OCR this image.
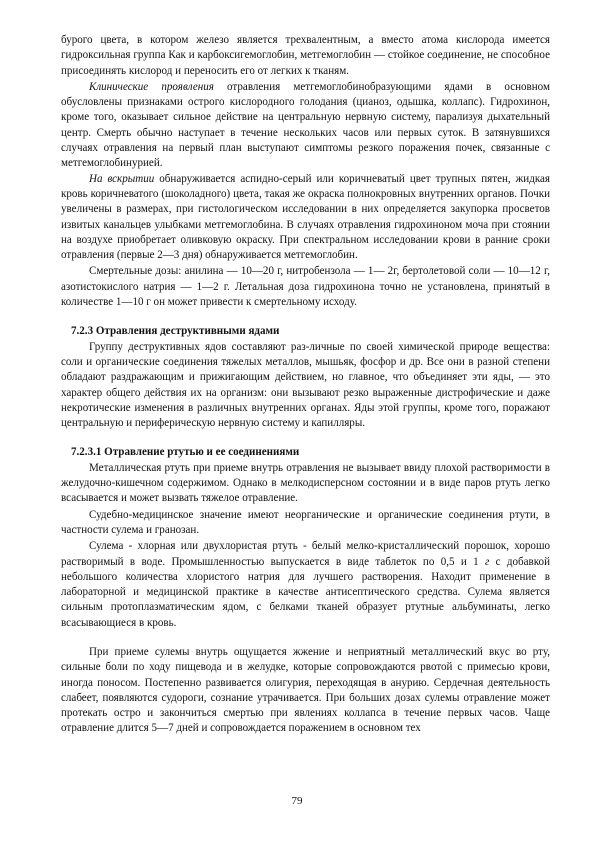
бурого цвета, в котором железо является трехвалентным, а вместо атома кислорода имеется гидроксильная группа Как и карбоксигемоглобин, метгемоглобин — стойкое соединение, не способное присоединять кислород и переносить его от легких к тканям.

Клинические проявления отравления метгемоглобинобразующими ядами в основном обусловлены признаками острого кислородного голодания (цианоз, одышка, коллапс). Гидрохинон, кроме того, оказывает сильное действие на центральную нервную систему, парализуя дыхательный центр. Смерть обычно наступает в течение нескольких часов или первых суток. В затянувшихся случаях отравления на первый план выступают симптомы резкого поражения почек, связанные с метгемоглобинурией.

На вскрытии обнаруживается аспидно-серый или коричневатый цвет трупных пятен, жидкая кровь коричневатого (шоколадного) цвета, такая же окраска полнокровных внутренних органов. Почки увеличены в размерах, при гистологическом исследовании в них определяется закупорка просветов извитых канальцев улыбками метгемоглобина. В случаях отравления гидрохиноном моча при стоянии на воздухе приобретает оливковую окраску. При спектральном исследовании крови в ранние сроки отравления (первые 2—3 дня) обнаруживается метгемоглобин.

Смертельные дозы: анилина — 10—20 г, нитробензола — 1— 2г, бертолетовой соли — 10—12 г, азотистокислого натрия — 1—2 г. Летальная доза гидрохинона точно не установлена, принятый в количестве 1—10 г он может привести к смертельному исходу.

7.2.3 Отравления деструктивными ядами

Группу деструктивных ядов составляют раз-личные по своей химической природе вещества: соли и органические соединения тяжелых металлов, мышьяк, фосфор и др. Все они в разной степени обладают раздражающим и прижигающим действием, но главное, что объединяет эти яды, — это характер общего действия их на организм: они вызывают резко выраженные дистрофические и даже некротические изменения в различных внутренних органах. Яды этой группы, кроме того, поражают центральную и периферическую нервную систему и капилляры.

7.2.3.1 Отравление ртутью и ее соединениями

Металлическая ртуть при приеме внутрь отравления не вызывает ввиду плохой растворимости в желудочно-кишечном содержимом. Однако в мелкодисперсном состоянии и в виде паров ртуть легко всасывается и может вызвать тяжелое отравление.

Судебно-медицинское значение имеют неорганические и органические соединения ртути, в частности сулема и гранозан.

Сулема - хлорная или двухлористая ртуть - белый мелко-кристаллический порошок, хорошо растворимый в воде. Промышленностью выпускается в виде таблеток по 0,5 и 1 г с добавкой небольшого количества хлористого натрия для лучшего растворения. Находит применение в лабораторной и медицинской практике в качестве антисептического средства. Сулема является сильным протоплазматическим ядом, с белками тканей образует ртутные альбуминаты, легко всасывающиеся в кровь.

При приеме сулемы внутрь ощущается жжение и неприятный металлический вкус во рту, сильные боли по ходу пищевода и в желудке, которые сопровождаются рвотой с примесью крови, иногда поносом. Постепенно развивается олигурия, переходящая в анурию. Сердечная деятельность слабеет, появляются судороги, сознание утрачивается. При больших дозах сулемы отравление может протекать остро и закончиться смертью при явлениях коллапса в течение первых часов. Чаще отравление длится 5—7 дней и сопровождается поражением в основном тех

79
